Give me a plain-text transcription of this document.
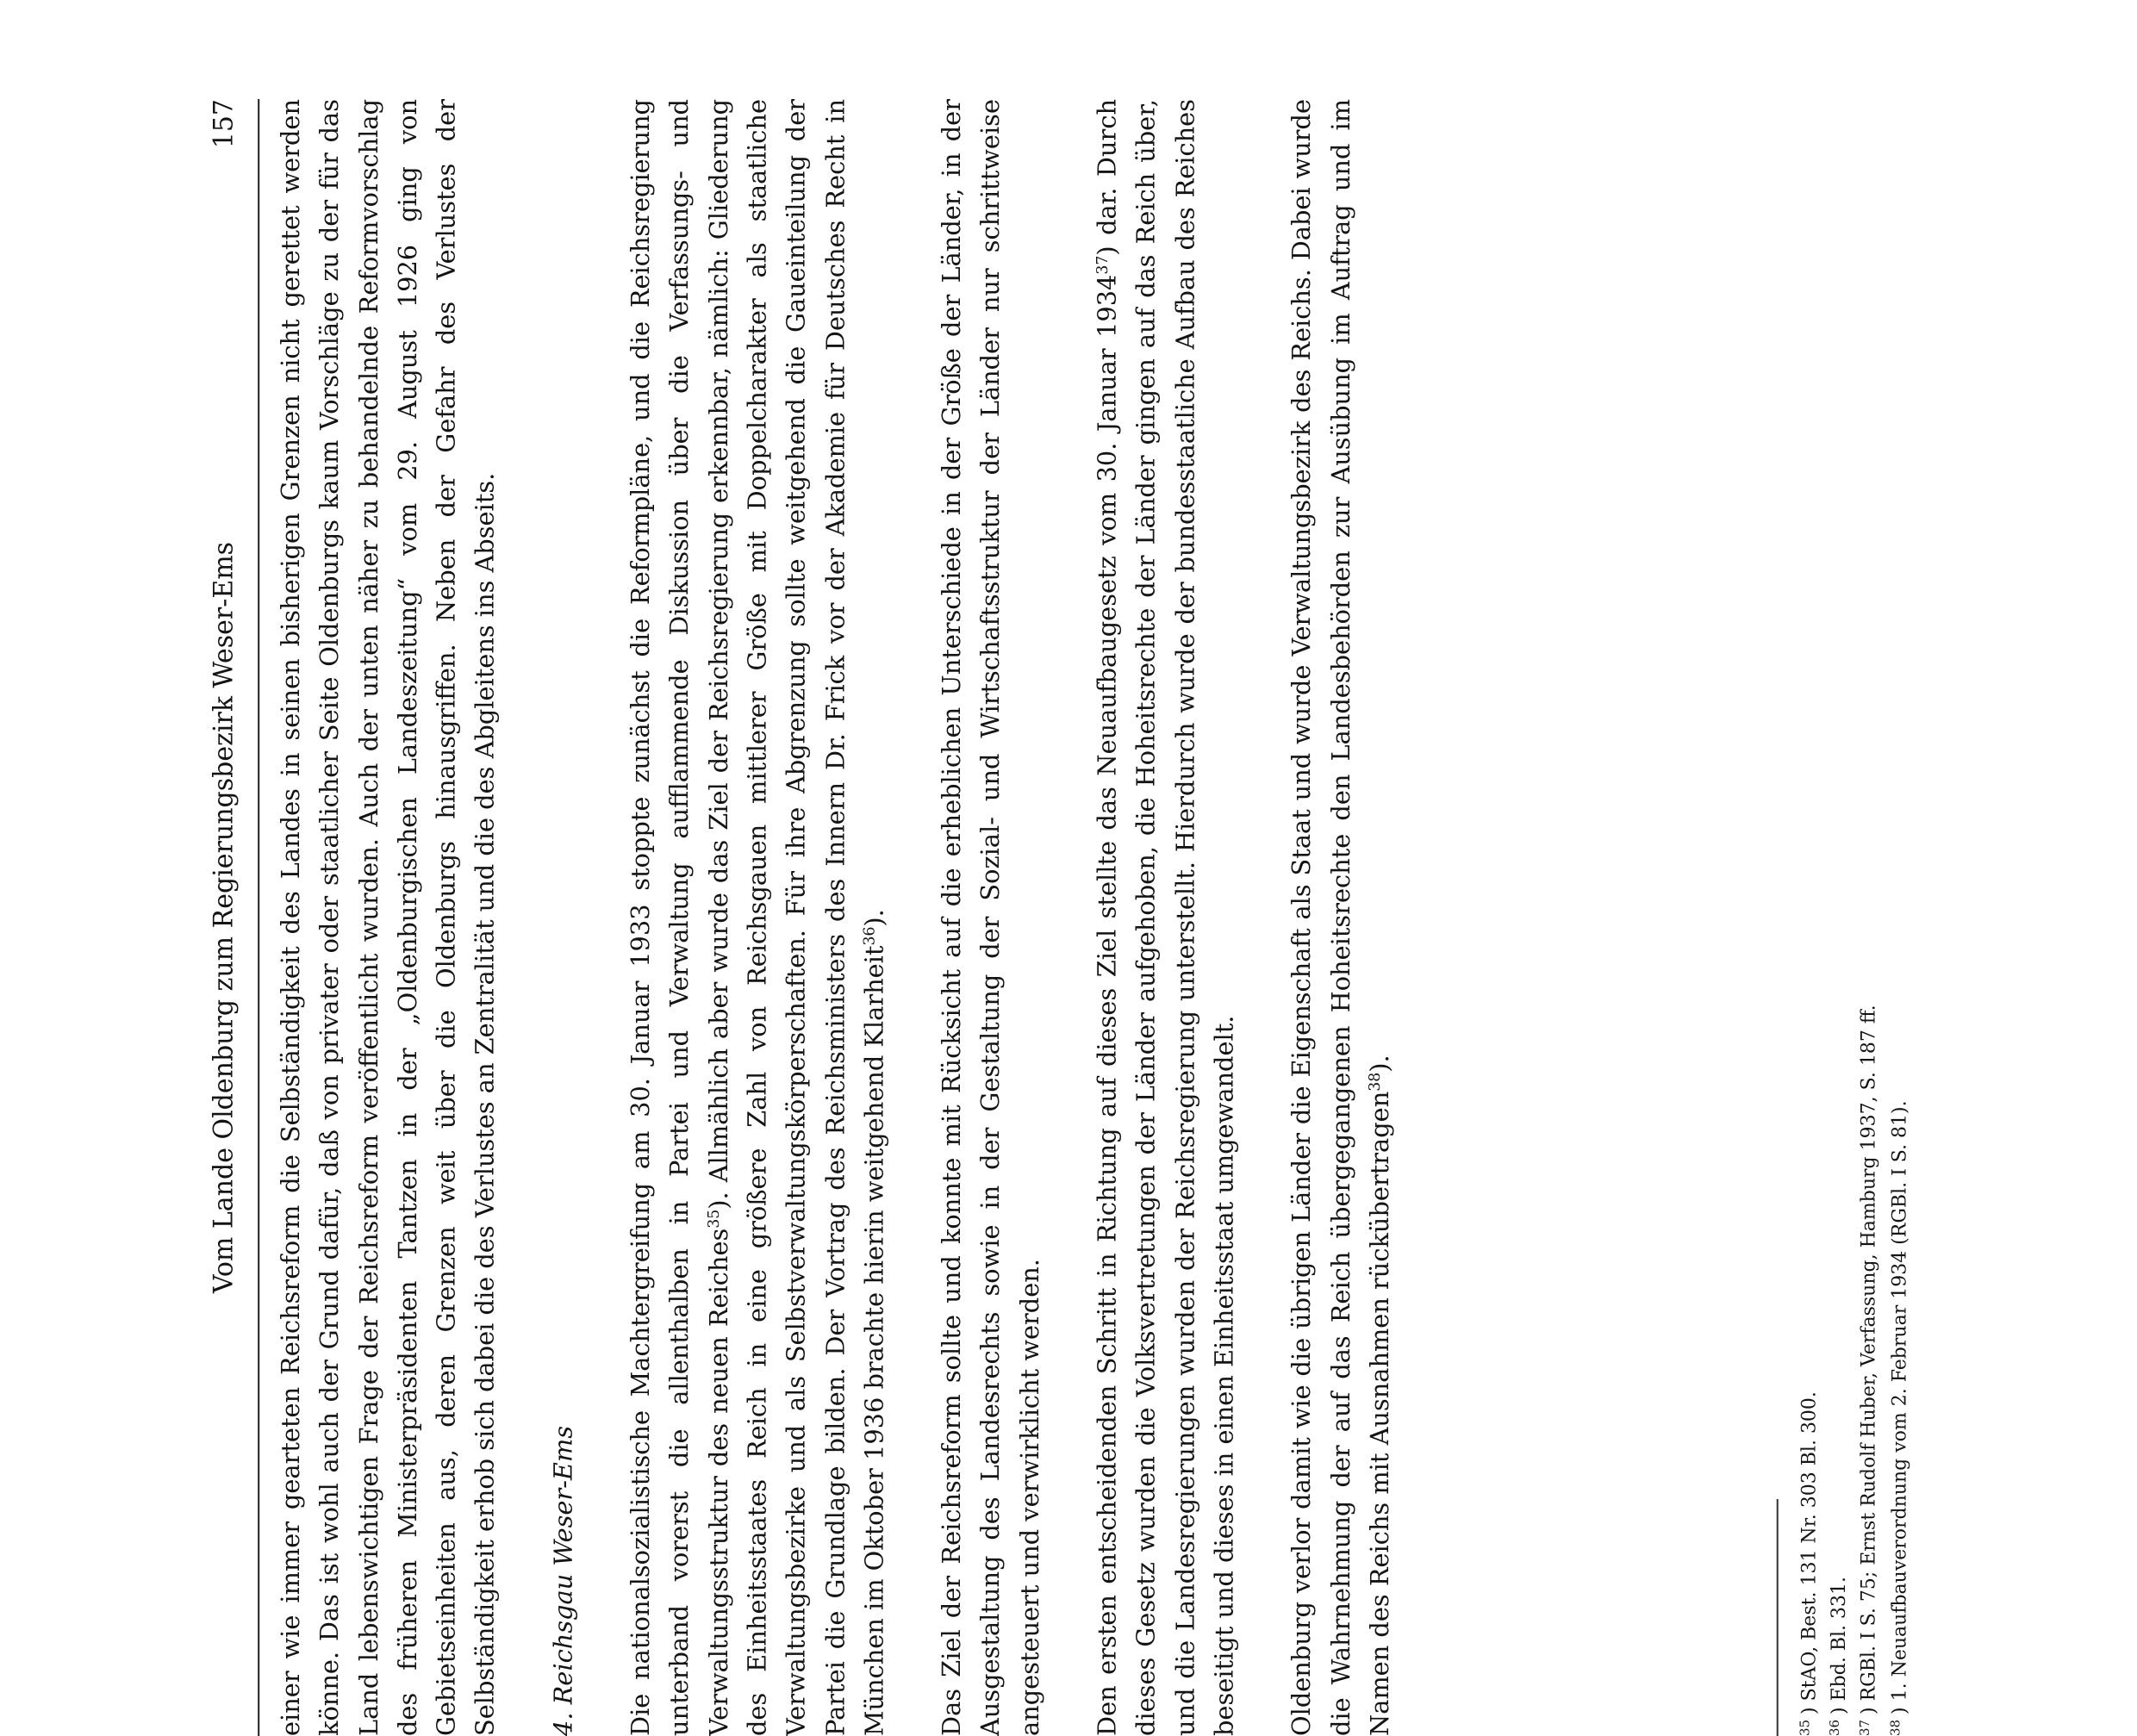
Vom Lande Oldenburg zum Regierungsbezirk Weser-Ems
157 einer wie immer gearteten Reichsreform die Selbständigkeit des Landes in seinen bisherigen Grenzen nicht gerettet werden könne. Das ist wohl auch der Grund dafür, daß von privater oder staatlicher Seite Oldenburgs kaum Vorschläge zu der für das Land lebenswichtigen Frage der Reichsreform veröffentlicht wurden. Auch der unten näher zu behandelnde Reformvorschlag des früheren Ministerpräsidenten Tantzen in der „Oldenburgischen Landeszeitung“ vom 29. August 1926 ging von Gebietseinheiten aus, deren Grenzen weit über die Oldenburgs hinausgriffen. Neben der Gefahr des Verlustes der Selbständigkeit erhob sich dabei die des Verlustes an Zentralität und die des Abgleitens ins Abseits. 4. Reichsgau Weser-Ems Die nationalsozialistische Machtergreifung am 30. Januar 1933 stoppte zunächst die Reformpläne, und die Reichsregierung unterband vorerst die allenthalben in Partei und Verwaltung aufflammende Diskussion über die Verfassungs- und Verwaltungsstruktur des neuen Reiches$^{35}$). Allmählich aber wurde das Ziel der Reichsregierung erkennbar, nämlich: Gliederung des Einheitsstaates Reich in eine größere Zahl von Reichsgauen mittlerer Größe mit Doppelcharakter als staatliche Verwaltungsbezirke und als Selbstverwaltungskörperschaften. Für ihre Abgrenzung sollte weitgehend die Gaueinteilung der Partei die Grundlage bilden. Der Vortrag des Reichsministers des Innern Dr. Frick vor der Akademie für Deutsches Recht in München im Oktober 1936 brachte hierin weitgehend Klarheit$^{36}$). Das Ziel der Reichsreform sollte und konnte mit Rücksicht auf die erheblichen Unterschiede in der Größe der Länder, in der Ausgestaltung des Landesrechts sowie in der Gestaltung der Sozial- und Wirtschaftsstruktur der Länder nur schrittweise angesteuert und verwirklicht werden. Den ersten entscheidenden Schritt in Richtung auf dieses Ziel stellte das Neuaufbaugesetz vom 30. Januar 1934$^{37}$) dar. Durch dieses Gesetz wurden die Volksvertretungen der Länder aufgehoben, die Hoheitsrechte der Länder gingen auf das Reich über, und die Landesregierungen wurden der Reichsregierung unterstellt. Hierdurch wurde der bundesstaatliche Aufbau des Reiches beseitigt und dieses in einen Einheitsstaat umgewandelt. Oldenburg verlor damit wie die übrigen Länder die Eigenschaft als Staat und wurde Verwaltungsbezirk des Reichs. Dabei wurde die Wahrnehmung der auf das Reich übergegangenen Hoheitsrechte den Landesbehörden zur Ausübung im Auftrag und im Namen des Reichs mit Ausnahmen rückübertragen$^{38}$).

$^{35}$) StAO, Best. 131 Nr. 303 Bl. 300.

$^{36}$) Ebd. Bl. 331.

$^{37}$) RGBl. I S. 75; Ernst Rudolf Huber, Verfassung, Hamburg 1937, S. 187 ff.

$^{38}$) 1. Neuaufbauverordnung vom 2. Februar 1934 (RGBl. I S. 81).
